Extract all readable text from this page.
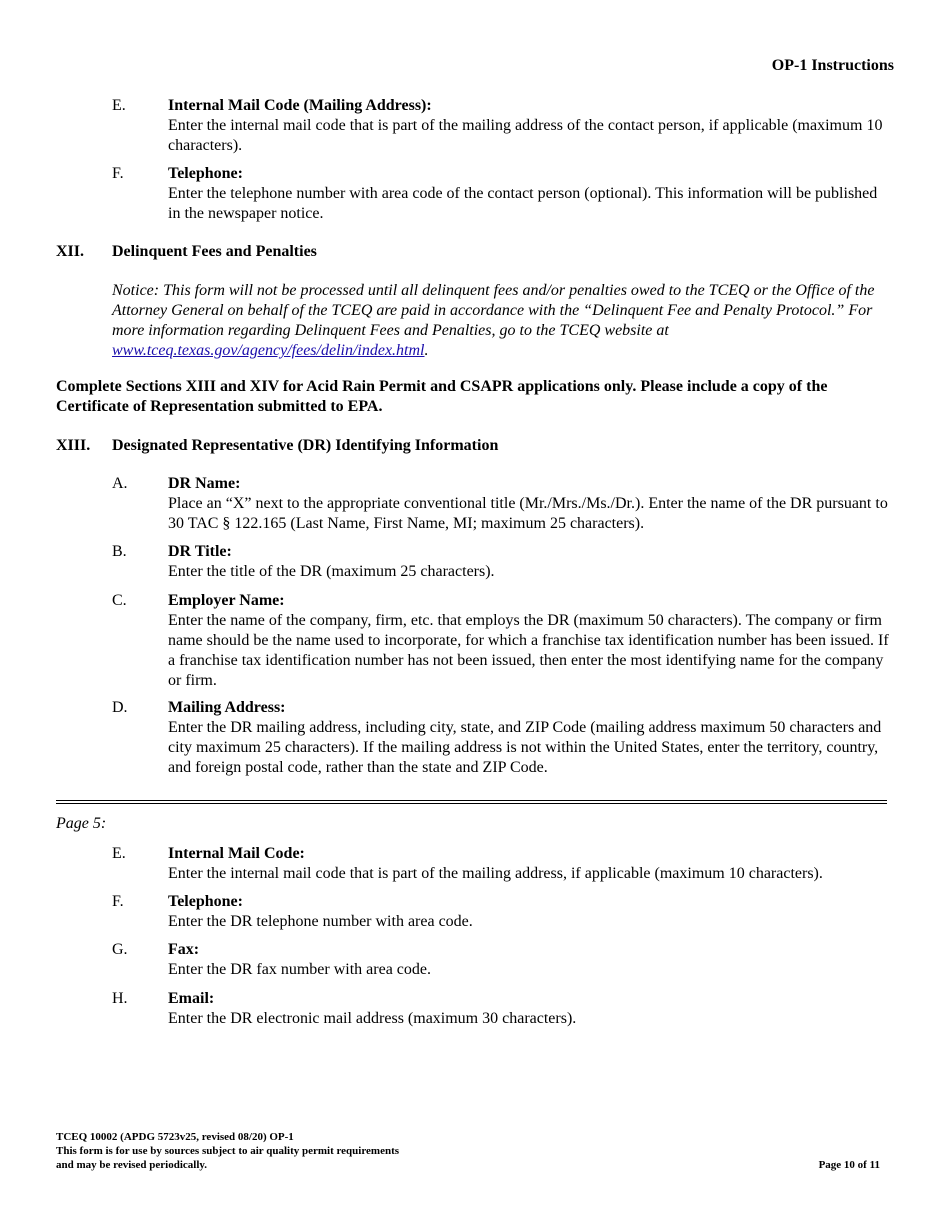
OP-1 Instructions
E.	Internal Mail Code (Mailing Address):
Enter the internal mail code that is part of the mailing address of the contact person, if applicable (maximum 10 characters).
F.	Telephone:
Enter the telephone number with area code of the contact person (optional). This information will be published in the newspaper notice.
XII. Delinquent Fees and Penalties
Notice: This form will not be processed until all delinquent fees and/or penalties owed to the TCEQ or the Office of the Attorney General on behalf of the TCEQ are paid in accordance with the “Delinquent Fee and Penalty Protocol.” For more information regarding Delinquent Fees and Penalties, go to the TCEQ website at www.tceq.texas.gov/agency/fees/delin/index.html.
Complete Sections XIII and XIV for Acid Rain Permit and CSAPR applications only. Please include a copy of the Certificate of Representation submitted to EPA.
XIII. Designated Representative (DR) Identifying Information
A.	DR Name:
Place an “X” next to the appropriate conventional title (Mr./Mrs./Ms./Dr.). Enter the name of the DR pursuant to 30 TAC § 122.165 (Last Name, First Name, MI; maximum 25 characters).
B.	DR Title:
Enter the title of the DR (maximum 25 characters).
C.	Employer Name:
Enter the name of the company, firm, etc. that employs the DR (maximum 50 characters). The company or firm name should be the name used to incorporate, for which a franchise tax identification number has been issued. If a franchise tax identification number has not been issued, then enter the most identifying name for the company or firm.
D.	Mailing Address:
Enter the DR mailing address, including city, state, and ZIP Code (mailing address maximum 50 characters and city maximum 25 characters). If the mailing address is not within the United States, enter the territory, country, and foreign postal code, rather than the state and ZIP Code.
Page 5:
E.	Internal Mail Code:
Enter the internal mail code that is part of the mailing address, if applicable (maximum 10 characters).
F.	Telephone:
Enter the DR telephone number with area code.
G.	Fax:
Enter the DR fax number with area code.
H.	Email:
Enter the DR electronic mail address (maximum 30 characters).
TCEQ 10002 (APDG 5723v25, revised 08/20) OP-1
This form is for use by sources subject to air quality permit requirements
and may be revised periodically.	Page 10 of 11
